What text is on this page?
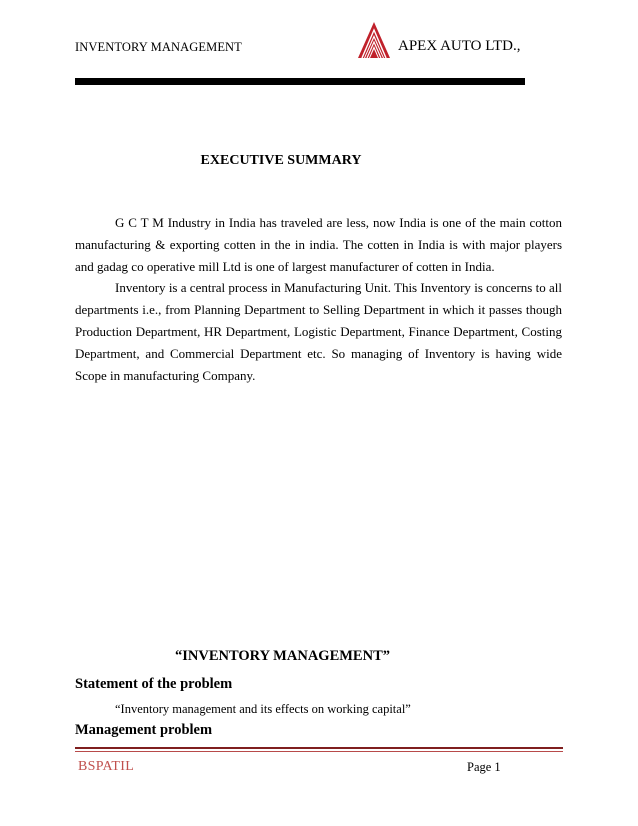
INVENTORY MANAGEMENT	APEX AUTO LTD.,
EXECUTIVE SUMMARY

G C T M Industry in India has traveled are less, now India is one of the main cotton manufacturing & exporting cotten in the in india. The cotten in India is with major players and gadag co operative mill Ltd is one of largest manufacturer of cotten in India.

Inventory is a central process in Manufacturing Unit. This Inventory is concerns to all departments i.e., from Planning Department to Selling Department in which it passes though Production Department, HR Department, Logistic Department, Finance Department, Costing Department, and Commercial Department etc. So managing of Inventory is having wide Scope in manufacturing Company.

“INVENTORY MANAGEMENT”
Statement of the problem
“Inventory management and its effects on working capital”
Management problem
BSPATIL	Page 1
